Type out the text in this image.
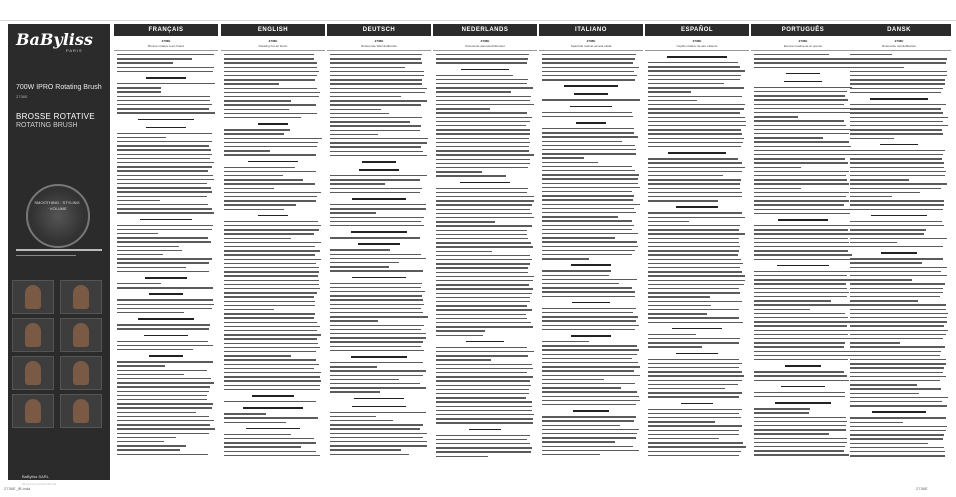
BaByliss
PARIS
700W IPRO Rotating Brush
2736E
BROSSE ROTATIVE
ROTATING BRUSH
SMOOTHING · STYLING · VOLUME
BaByliss SARL
99 avenue Aristide Briand
www.babyliss.com
FRANÇAIS
2736E
Brosse rotative à air chaud
ENGLISH
2736E
Rotating hot air brush
DEUTSCH
2736E
Rotierende Warmluftbürste
NEDERLANDS
2736E
Roterende warmeluchtborstel
ITALIANO
2736E
Spazzola rotante ad aria calda
ESPAÑOL
2736E
Cepillo rotativo de aire caliente
PORTUGUÊS
2736E
Escova rotativa de ar quente
DANSK
2736E
Roterende varmluftbørste
2736E_IB.indd	2736E
